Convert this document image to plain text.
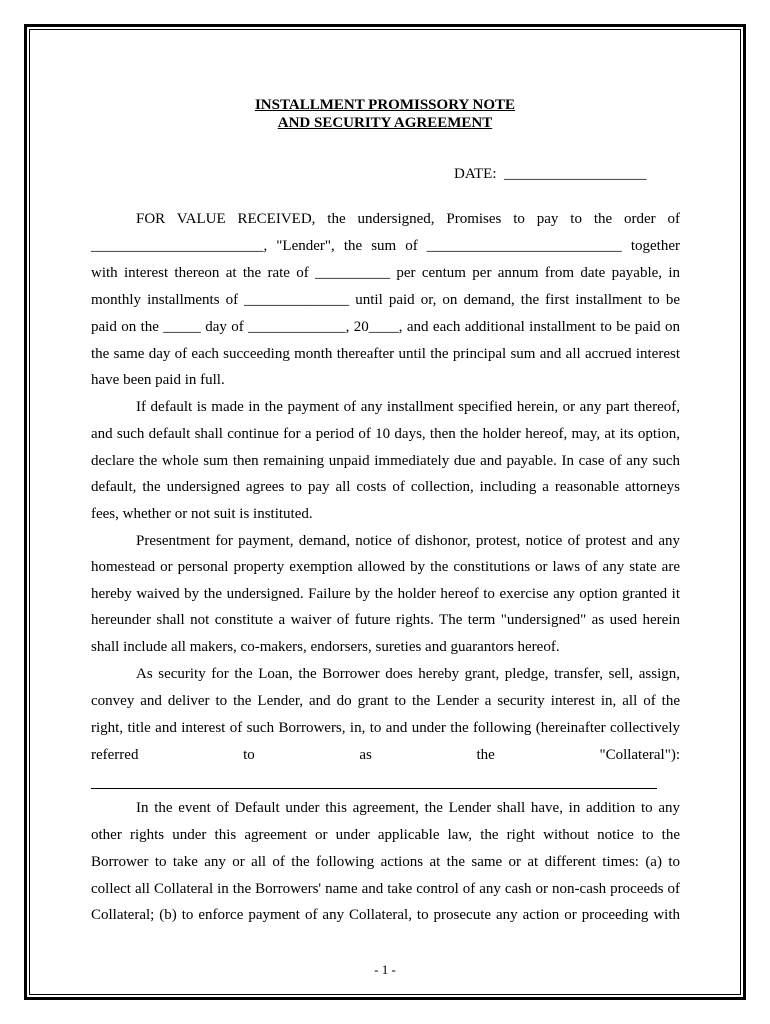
INSTALLMENT PROMISSORY NOTE
AND SECURITY AGREEMENT
DATE:  ___________________
FOR VALUE RECEIVED, the undersigned, Promises to pay to the order of
_______________________, "Lender", the sum of __________________________ together
with interest thereon at the rate of __________ per centum per annum from date payable, in
monthly installments of ______________ until paid or, on demand, the first installment to be
paid on the _____ day of _____________, 20____, and each additional installment to be paid on
the same day of each succeeding month thereafter until the principal sum and all accrued interest
have been paid in full.
If default is made in the payment of any installment specified herein, or any part thereof,
and such default shall continue for a period of 10 days, then the holder hereof, may, at its option,
declare the whole sum then remaining unpaid immediately due and payable. In case of any such
default, the undersigned agrees to pay all costs of collection, including a reasonable attorneys
fees, whether or not suit is instituted.
Presentment for payment, demand, notice of dishonor, protest, notice of protest and any
homestead or personal property exemption allowed by the constitutions or laws of any state are
hereby waived by the undersigned. Failure by the holder hereof to exercise any option granted it
hereunder shall not constitute a waiver of future rights. The term "undersigned" as used herein
shall include all makers, co-makers, endorsers, sureties and guarantors hereof.
As security for the Loan, the Borrower does hereby grant, pledge, transfer, sell, assign,
convey and deliver to the Lender, and do grant to the Lender a security interest in, all of the
right, title and interest of such Borrowers, in, to and under the following (hereinafter collectively
referred to as the "Collateral"):
In the event of Default under this agreement, the Lender shall have, in addition to any
other rights under this agreement or under applicable law, the right without notice to the
Borrower to take any or all of the following actions at the same or at different times: (a) to
collect all Collateral in the Borrowers' name and take control of any cash or non-cash proceeds of
Collateral; (b) to enforce payment of any Collateral, to prosecute any action or proceeding with
- 1 -
